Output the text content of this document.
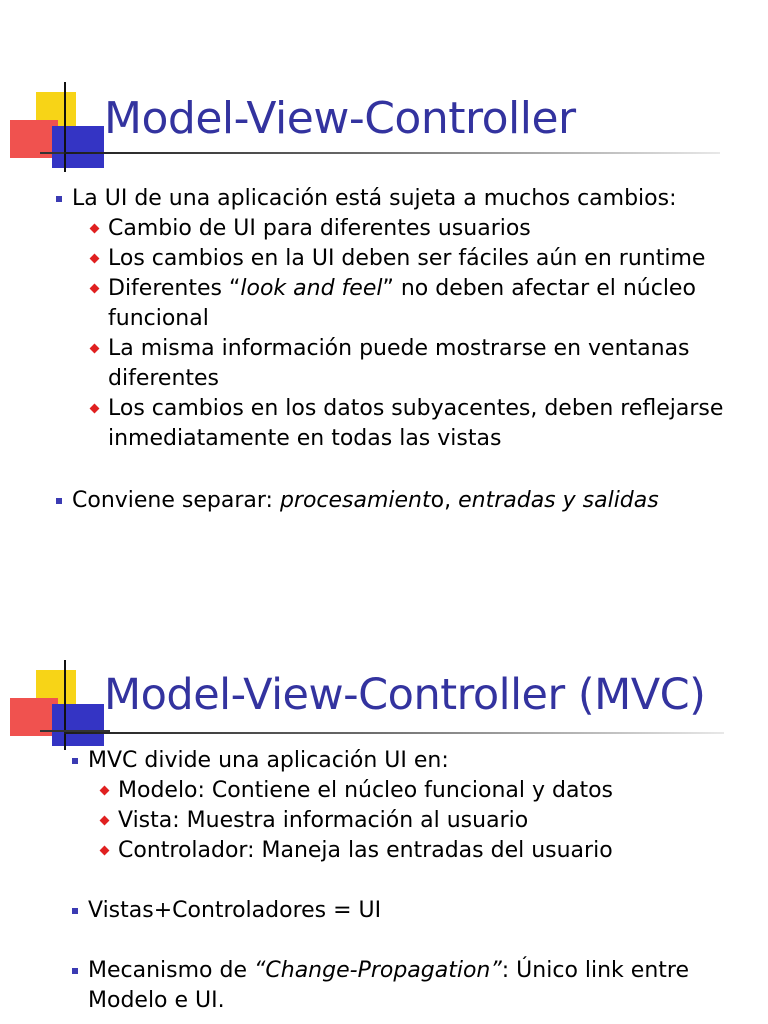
Model-View-Controller
La UI de una aplicación está sujeta a muchos cambios:
Cambio de UI para diferentes usuarios
Los cambios en la UI deben ser fáciles aún en runtime
Diferentes “look and feel” no deben afectar el núcleo funcional
La misma información puede mostrarse en ventanas diferentes
Los cambios en los datos subyacentes, deben reflejarse inmediatamente en todas las vistas
Conviene separar: procesamiento, entradas y salidas
Model-View-Controller (MVC)
MVC divide una aplicación UI en:
Modelo: Contiene el núcleo funcional y datos
Vista: Muestra información al usuario
Controlador: Maneja las entradas del usuario
Vistas+Controladores = UI
Mecanismo de “Change-Propagation”: Único link entre Modelo e UI.
